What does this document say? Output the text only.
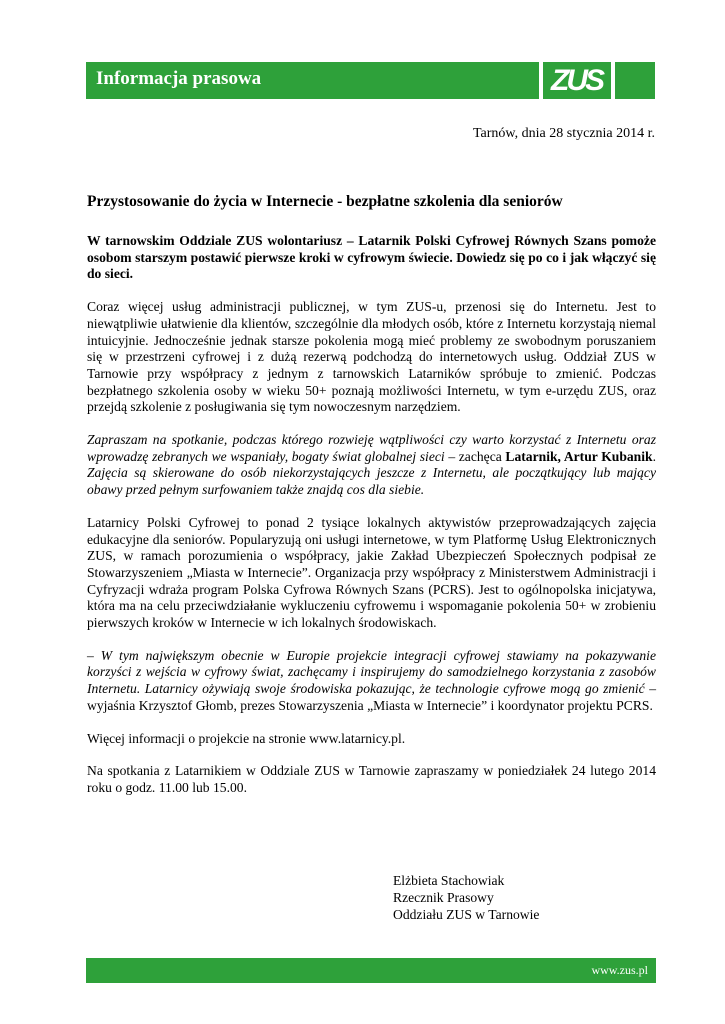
Informacja prasowa	ZUS
Tarnów, dnia 28 stycznia 2014 r.

Przystosowanie do życia w Internecie - bezpłatne szkolenia dla seniorów

W tarnowskim Oddziale ZUS wolontariusz – Latarnik Polski Cyfrowej Równych Szans pomoże osobom starszym postawić pierwsze kroki w cyfrowym świecie. Dowiedz się po co i jak włączyć się do sieci.

Coraz więcej usług administracji publicznej, w tym ZUS-u, przenosi się do Internetu. Jest to niewątpliwie ułatwienie dla klientów, szczególnie dla młodych osób, które z Internetu korzystają niemal intuicyjnie. Jednocześnie jednak starsze pokolenia mogą mieć problemy ze swobodnym poruszaniem się w przestrzeni cyfrowej i z dużą rezerwą podchodzą do internetowych usług. Oddział ZUS w Tarnowie przy współpracy z jednym z tarnowskich Latarników spróbuje to zmienić. Podczas bezpłatnego szkolenia osoby w wieku 50+ poznają możliwości Internetu, w tym e-urzędu ZUS, oraz przejdą szkolenie z posługiwania się tym nowoczesnym narzędziem.

Zapraszam na spotkanie, podczas którego rozwieję wątpliwości czy warto korzystać z Internetu oraz wprowadzę zebranych we wspaniały, bogaty świat globalnej sieci – zachęca Latarnik, Artur Kubanik. Zajęcia są skierowane do osób niekorzystających jeszcze z Internetu, ale początkujący lub mający obawy przed pełnym surfowaniem także znajdą cos dla siebie.

Latarnicy Polski Cyfrowej to ponad 2 tysiące lokalnych aktywistów przeprowadzających zajęcia edukacyjne dla seniorów. Popularyzują oni usługi internetowe, w tym Platformę Usług Elektronicznych ZUS, w ramach porozumienia o współpracy, jakie Zakład Ubezpieczeń Społecznych podpisał ze Stowarzyszeniem „Miasta w Internecie”. Organizacja przy współpracy z Ministerstwem Administracji i Cyfryzacji wdraża program Polska Cyfrowa Równych Szans (PCRS). Jest to ogólnopolska inicjatywa, która ma na celu przeciwdziałanie wykluczeniu cyfrowemu i wspomaganie pokolenia 50+ w zrobieniu pierwszych kroków w Internecie w ich lokalnych środowiskach.

– W tym największym obecnie w Europie projekcie integracji cyfrowej stawiamy na pokazywanie korzyści z wejścia w cyfrowy świat, zachęcamy i inspirujemy do samodzielnego korzystania z zasobów Internetu. Latarnicy ożywiają swoje środowiska pokazując, że technologie cyfrowe mogą go zmienić – wyjaśnia Krzysztof Głomb, prezes Stowarzyszenia „Miasta w Internecie” i koordynator projektu PCRS.

Więcej informacji o projekcie na stronie www.latarnicy.pl.

Na spotkania z Latarnikiem w Oddziale ZUS w Tarnowie zapraszamy w poniedziałek 24 lutego 2014 roku o godz. 11.00 lub 15.00.

Elżbieta Stachowiak
Rzecznik Prasowy
Oddziału ZUS w Tarnowie
www.zus.pl
